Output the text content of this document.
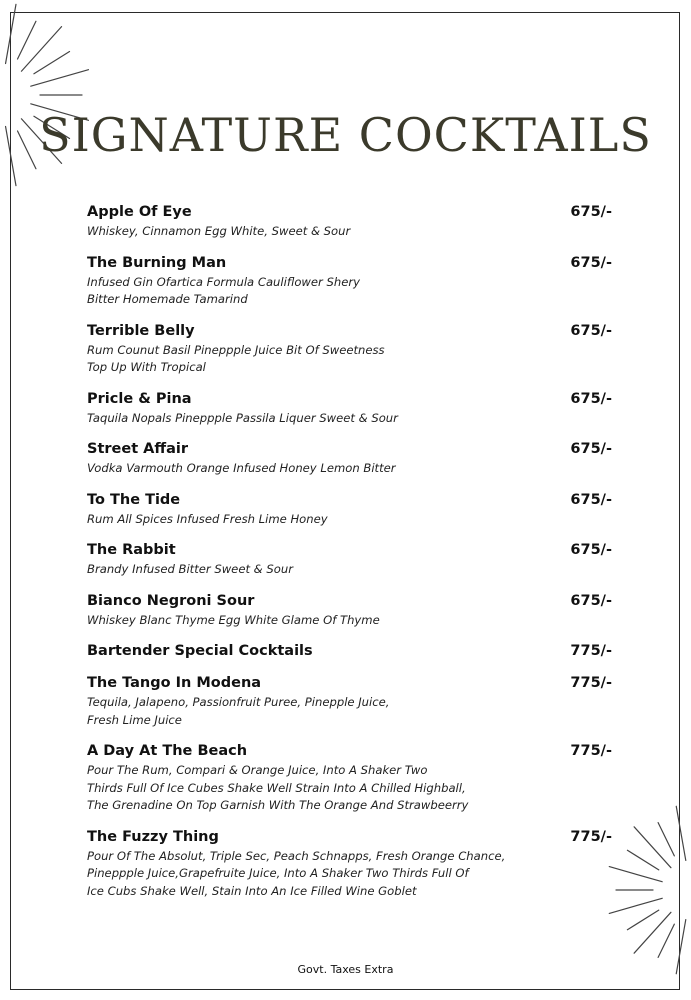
SIGNATURE COCKTAILS
Apple Of Eye	675/-
Whiskey, Cinnamon Egg White, Sweet & Sour
The Burning Man	675/-
Infused Gin Ofartica Formula Cauliflower Shery
Bitter Homemade Tamarind
Terrible Belly	675/-
Rum Counut Basil Pineppple Juice Bit Of Sweetness
Top Up With Tropical
Pricle & Pina	675/-
Taquila Nopals Pineppple Passila Liquer Sweet & Sour
Street Affair	675/-
Vodka Varmouth Orange Infused Honey Lemon Bitter
To The Tide	675/-
Rum All Spices Infused Fresh Lime Honey
The Rabbit	675/-
Brandy Infused Bitter Sweet & Sour
Bianco Negroni Sour	675/-
Whiskey Blanc Thyme Egg White Glame Of Thyme
Bartender Special Cocktails	775/-
The Tango In Modena	775/-
Tequila, Jalapeno, Passionfruit Puree, Pinepple Juice,
Fresh Lime Juice
A Day At The Beach	775/-
Pour The Rum, Compari & Orange Juice, Into A Shaker Two
Thirds Full Of Ice Cubes Shake Well Strain Into A Chilled Highball,
The Grenadine On Top Garnish With The Orange And Strawbeerry
The Fuzzy Thing	775/-
Pour Of The Absolut, Triple Sec, Peach Schnapps, Fresh Orange Chance,
Pineppple Juice,Grapefruite Juice, Into A Shaker Two Thirds Full Of
Ice Cubs Shake Well, Stain Into An Ice Filled Wine Goblet
Govt. Taxes Extra
